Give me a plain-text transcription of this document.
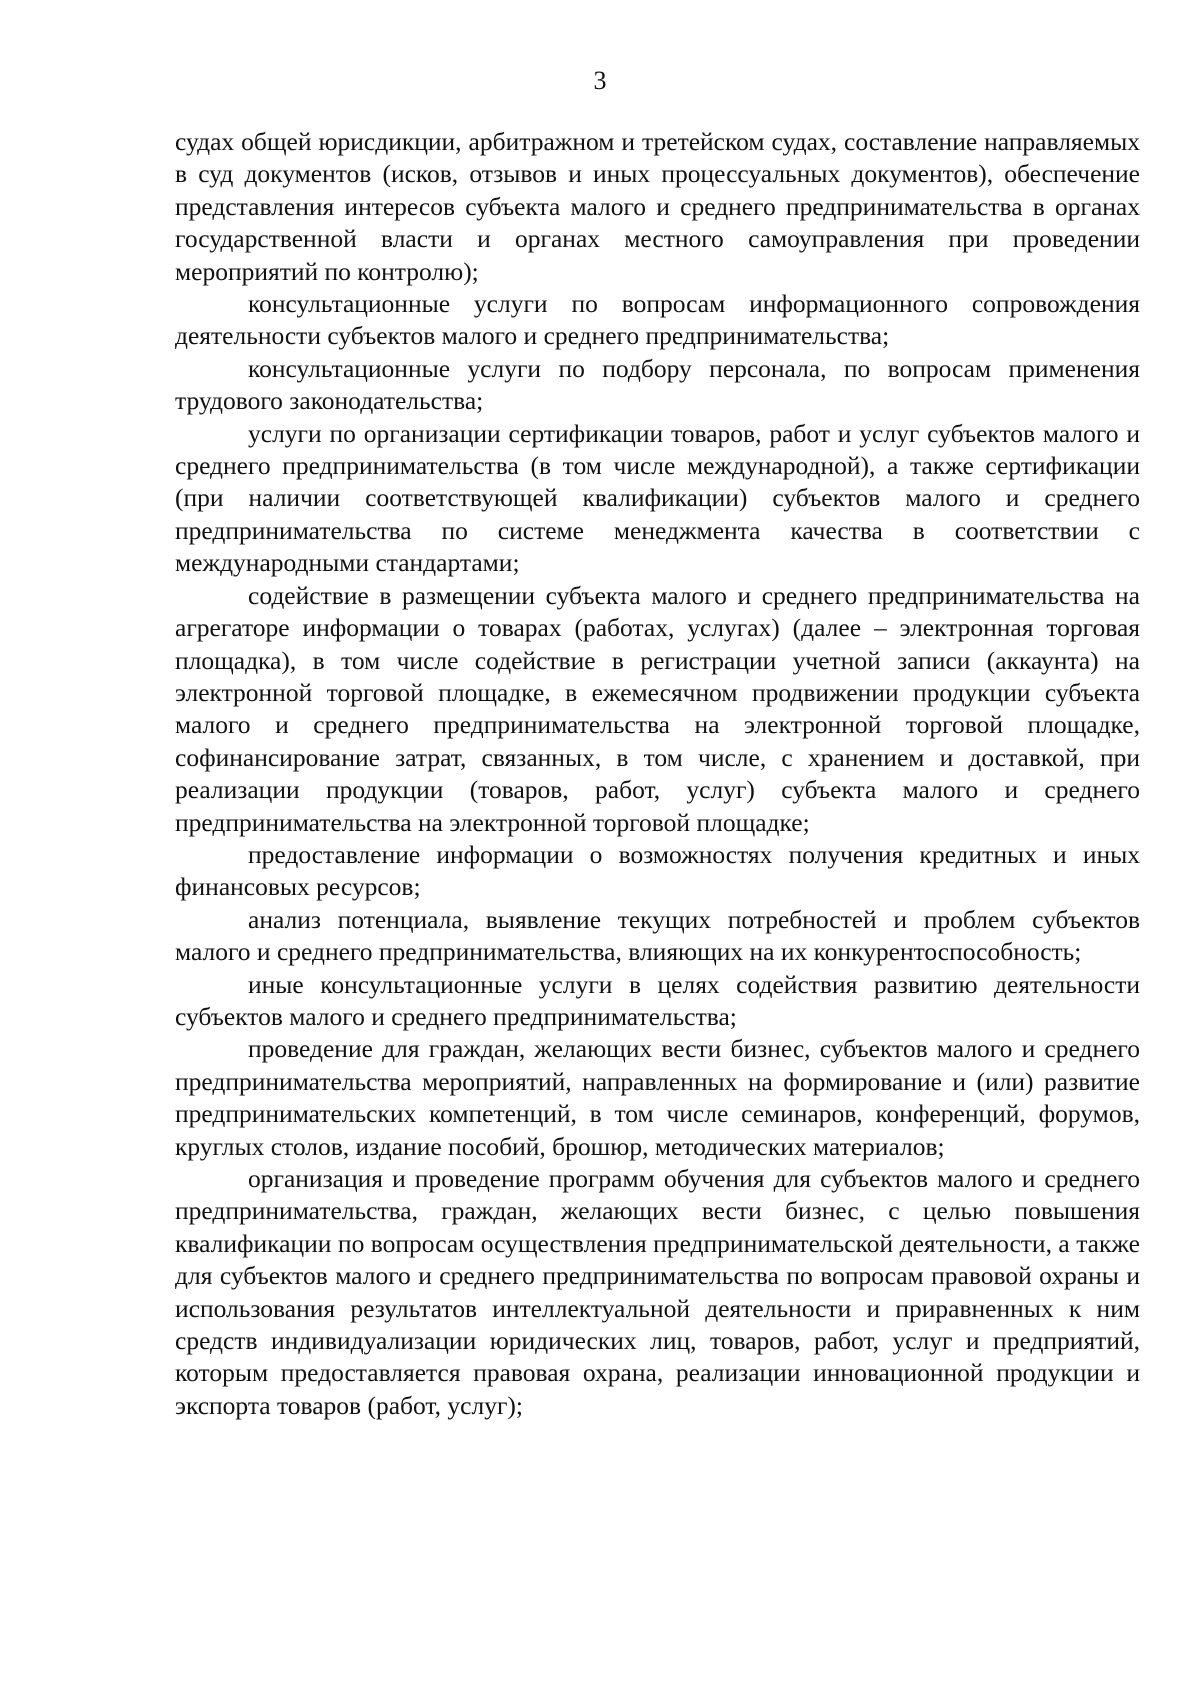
3

судах общей юрисдикции, арбитражном и третейском судах, составление направляемых в суд документов (исков, отзывов и иных процессуальных документов), обеспечение представления интересов субъекта малого и среднего предпринимательства в органах государственной власти и органах местного самоуправления при проведении мероприятий по контролю);

консультационные услуги по вопросам информационного сопровождения деятельности субъектов малого и среднего предпринимательства;

консультационные услуги по подбору персонала, по вопросам применения трудового законодательства;

услуги по организации сертификации товаров, работ и услуг субъектов малого и среднего предпринимательства (в том числе международной), а также сертификации (при наличии соответствующей квалификации) субъектов малого и среднего предпринимательства по системе менеджмента качества в соответствии с международными стандартами;

содействие в размещении субъекта малого и среднего предпринимательства на агрегаторе информации о товарах (работах, услугах) (далее – электронная торговая площадка), в том числе содействие в регистрации учетной записи (аккаунта) на электронной торговой площадке, в ежемесячном продвижении продукции субъекта малого и среднего предпринимательства на электронной торговой площадке, софинансирование затрат, связанных, в том числе, с хранением и доставкой, при реализации продукции (товаров, работ, услуг) субъекта малого и среднего предпринимательства на электронной торговой площадке;

предоставление информации о возможностях получения кредитных и иных финансовых ресурсов;

анализ потенциала, выявление текущих потребностей и проблем субъектов малого и среднего предпринимательства, влияющих на их конкурентоспособность;

иные консультационные услуги в целях содействия развитию деятельности субъектов малого и среднего предпринимательства;

проведение для граждан, желающих вести бизнес, субъектов малого и среднего предпринимательства мероприятий, направленных на формирование и (или) развитие предпринимательских компетенций, в том числе семинаров, конференций, форумов, круглых столов, издание пособий, брошюр, методических материалов;

организация и проведение программ обучения для субъектов малого и среднего предпринимательства, граждан, желающих вести бизнес, с целью повышения квалификации по вопросам осуществления предпринимательской деятельности, а также для субъектов малого и среднего предпринимательства по вопросам правовой охраны и использования результатов интеллектуальной деятельности и приравненных к ним средств индивидуализации юридических лиц, товаров, работ, услуг и предприятий, которым предоставляется правовая охрана, реализации инновационной продукции и экспорта товаров (работ, услуг);
